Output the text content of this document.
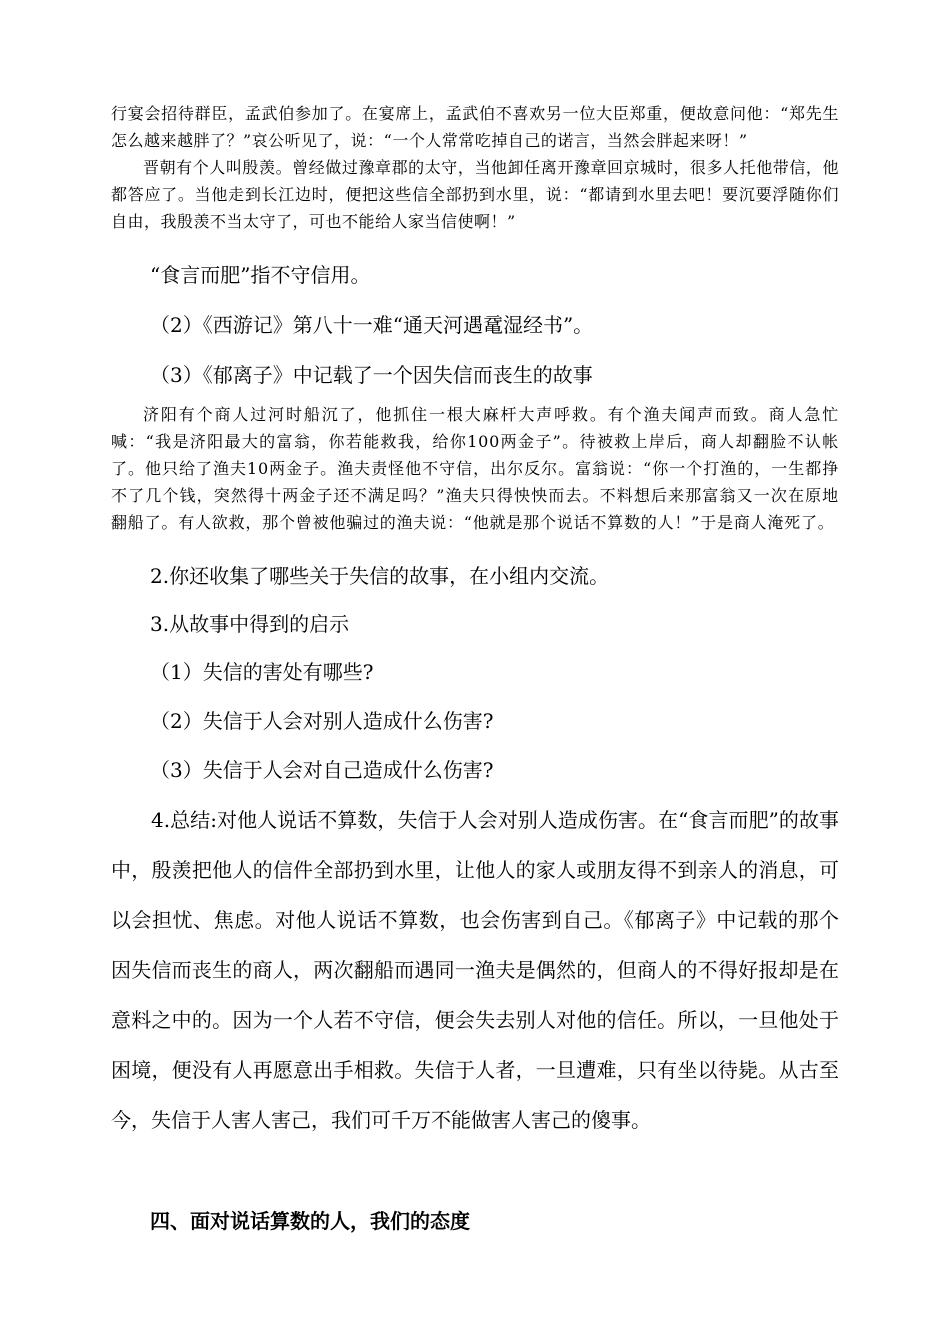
行宴会招待群臣，孟武伯参加了。在宴席上，孟武伯不喜欢另一位大臣郑重，便故意问他：“郑先生怎么越来越胖了？”哀公听见了，说：“一个人常常吃掉自己的诺言，当然会胖起来呀！”

晋朝有个人叫殷羡。曾经做过豫章郡的太守，当他卸任离开豫章回京城时，很多人托他带信，他都答应了。当他走到长江边时，便把这些信全部扔到水里，说：“都请到水里去吧！要沉要浮随你们自由，我殷羡不当太守了，可也不能给人家当信使啊！”

“食言而肥”指不守信用。
（2）《西游记》第八十一难“通天河遇鼋湿经书”。
（3）《郁离子》中记载了一个因失信而丧生的故事

济阳有个商人过河时船沉了，他抓住一根大麻杆大声呼救。有个渔夫闻声而致。商人急忙喊：“我是济阳最大的富翁，你若能救我，给你100两金子”。待被救上岸后，商人却翻脸不认帐了。他只给了渔夫10两金子。渔夫责怪他不守信，出尔反尔。富翁说：“你一个打渔的，一生都挣不了几个钱，突然得十两金子还不满足吗？”渔夫只得怏怏而去。不料想后来那富翁又一次在原地翻船了。有人欲救，那个曾被他骗过的渔夫说：“他就是那个说话不算数的人！”于是商人淹死了。

2.你还收集了哪些关于失信的故事，在小组内交流。
3.从故事中得到的启示
（1）失信的害处有哪些?
（2）失信于人会对别人造成什么伤害?
（3）失信于人会对自己造成什么伤害?

4.总结:对他人说话不算数，失信于人会对别人造成伤害。在“食言而肥”的故事中，殷羡把他人的信件全部扔到水里，让他人的家人或朋友得不到亲人的消息，可以会担忧、焦虑。对他人说话不算数，也会伤害到自己。《郁离子》中记载的那个因失信而丧生的商人，两次翻船而遇同一渔夫是偶然的，但商人的不得好报却是在意料之中的。因为一个人若不守信，便会失去别人对他的信任。所以，一旦他处于困境，便没有人再愿意出手相救。失信于人者，一旦遭难，只有坐以待毙。从古至今，失信于人害人害己，我们可千万不能做害人害己的傻事。

四、面对说话算数的人，我们的态度
